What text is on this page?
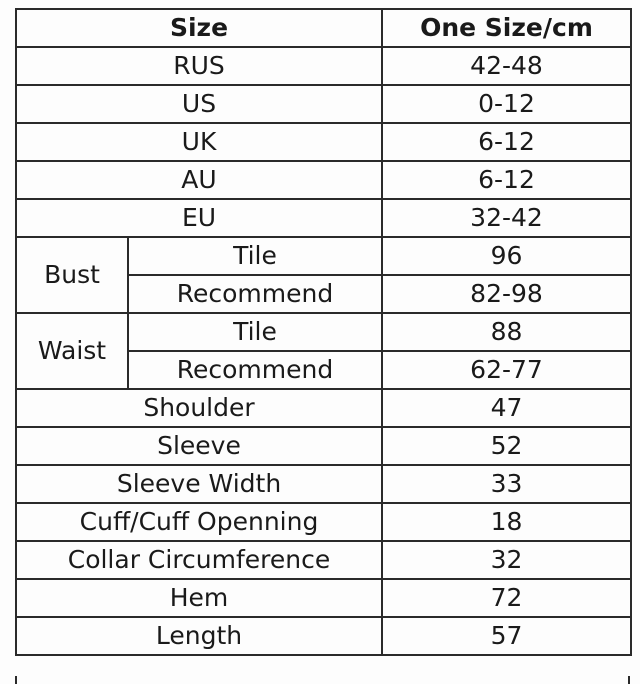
Size		One Size/cm
RUS		42-48
US		0-12
UK		6-12
AU		6-12
EU		32-42
Bust	Tile	96
	Recommend	82-98
Waist	Tile	88
	Recommend	62-77
Shoulder		47
Sleeve		52
Sleeve Width		33
Cuff/Cuff Openning		18
Collar Circumference		32
Hem		72
Length		57
